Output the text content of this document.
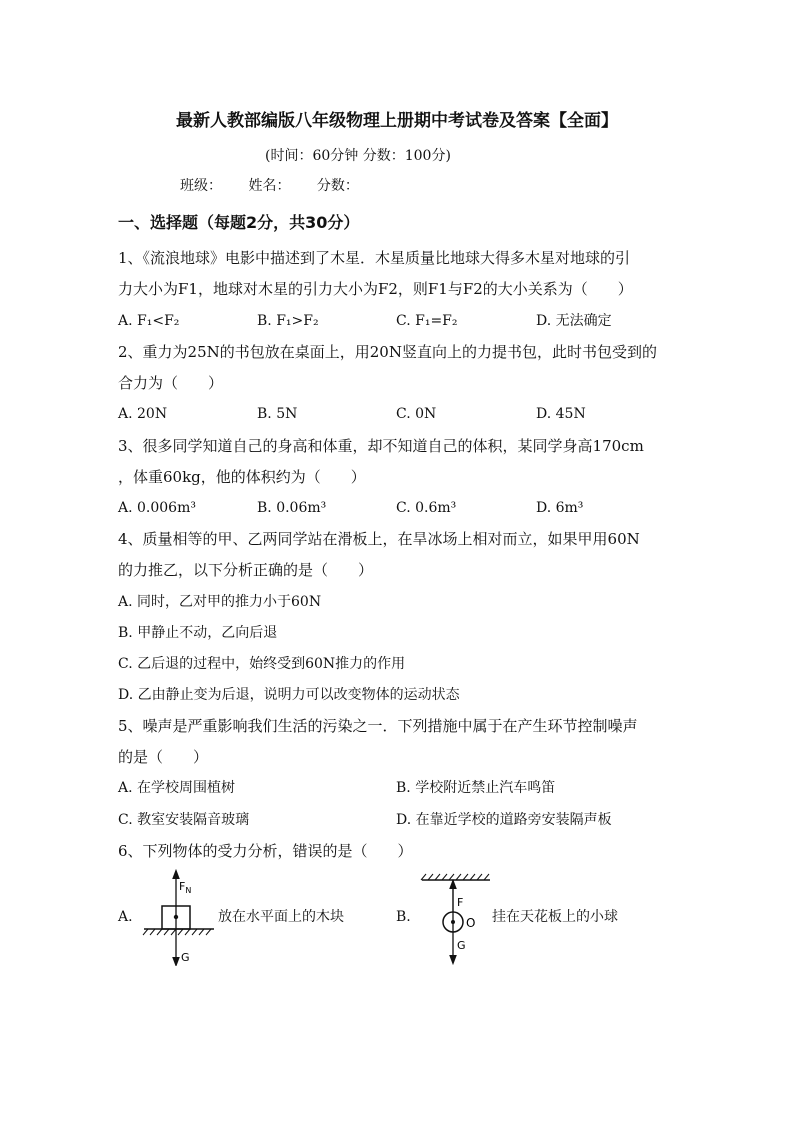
最新人教部编版八年级物理上册期中考试卷及答案【全面】
(时间：60分钟 分数：100分)
班级： 姓名： 分数：
一、选择题（每题2分，共30分）
1、《流浪地球》电影中描述到了木星．木星质量比地球大得多木星对地球的引
力大小为F1，地球对木星的引力大小为F2，则F1与F2的大小关系为（　　）
A. F₁<F₂	B. F₁>F₂	C. F₁=F₂	D. 无法确定
2、重力为25N的书包放在桌面上，用20N竖直向上的力提书包，此时书包受到的
合力为（　　）
A. 20N	B. 5N	C. 0N	D. 45N
3、很多同学知道自己的身高和体重，却不知道自己的体积，某同学身高170cm
，体重60kg，他的体积约为（　　）
A. 0.006m³	B. 0.06m³	C. 0.6m³	D. 6m³
4、质量相等的甲、乙两同学站在滑板上，在旱冰场上相对而立，如果甲用60N
的力推乙，以下分析正确的是（　　）
A. 同时，乙对甲的推力小于60N
B. 甲静止不动，乙向后退
C. 乙后退的过程中，始终受到60N推力的作用
D. 乙由静止变为后退，说明力可以改变物体的运动状态
5、噪声是严重影响我们生活的污染之一．下列措施中属于在产生环节控制噪声
的是（　　）
A. 在学校周围植树	B. 学校附近禁止汽车鸣笛
C. 教室安装隔音玻璃	D. 在靠近学校的道路旁安装隔声板
6、下列物体的受力分析，错误的是（　　）
A.	放在水平面上的木块	B.	挂在天花板上的小球
$F_N$
G
F
O
G
